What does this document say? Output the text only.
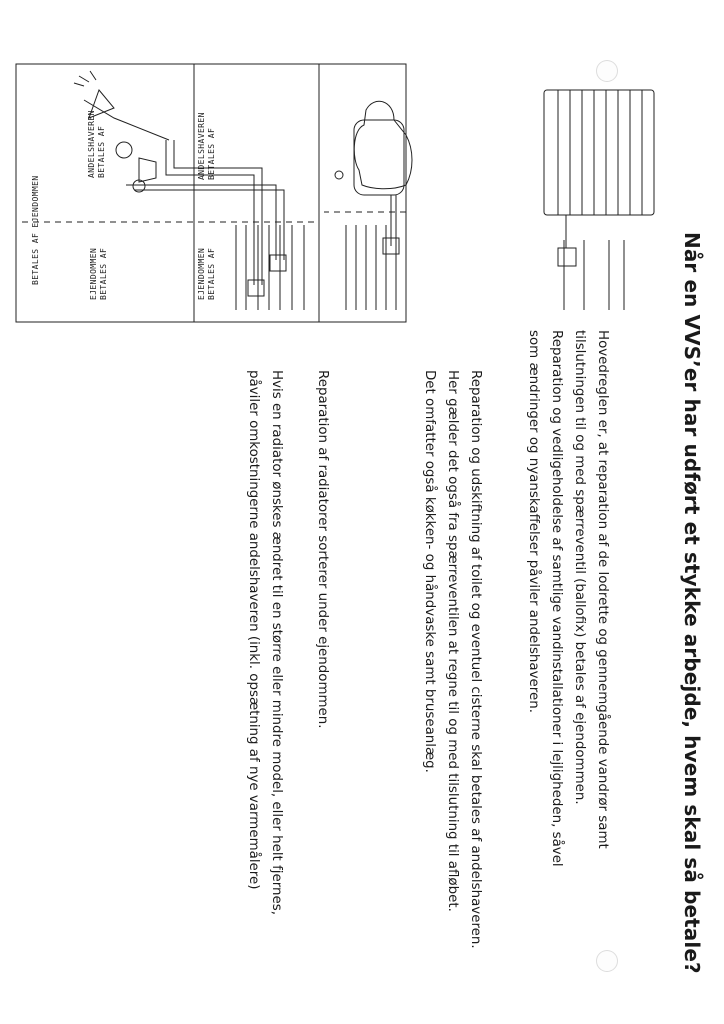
Når en VVS’er har udført et stykke arbejde, hvem skal så betale?
Hovedreglen er, at reparation af de lodrette og gennemgående vandrør samt
tilslutningen til og med spærreventil (ballofix) betales af ejendommen.
Reparation og vedligeholdelse af samtlige vandinstallationer i lejligheden, såvel
som ændringer og nyanskaffelser påviler andelshaveren.
Reparation og udskiftning af toilet og eventuel cisterne skal betales af andelshaveren.
Her gælder det også fra spærreventilen at regne til og med tilslutning til afløbet.
Det omfatter også køkken- og håndvaske samt bruseanlæg.
Reparation af radiatorer sorterer under ejendommen.
Hvis en radiator ønskes ændret til en større eller mindre model, eller helt fjernes,
påviler omkostningerne andelshaveren (inkl. opsætning af nye varmemålere)
BETALES AF
ANDELSHAVEREN
BETALES AF
EJENDOMMEN
BETALES AF
ANDELSHAVEREN
BETALES AF
EJENDOMMEN
BETALES AF EJENDOMMEN
